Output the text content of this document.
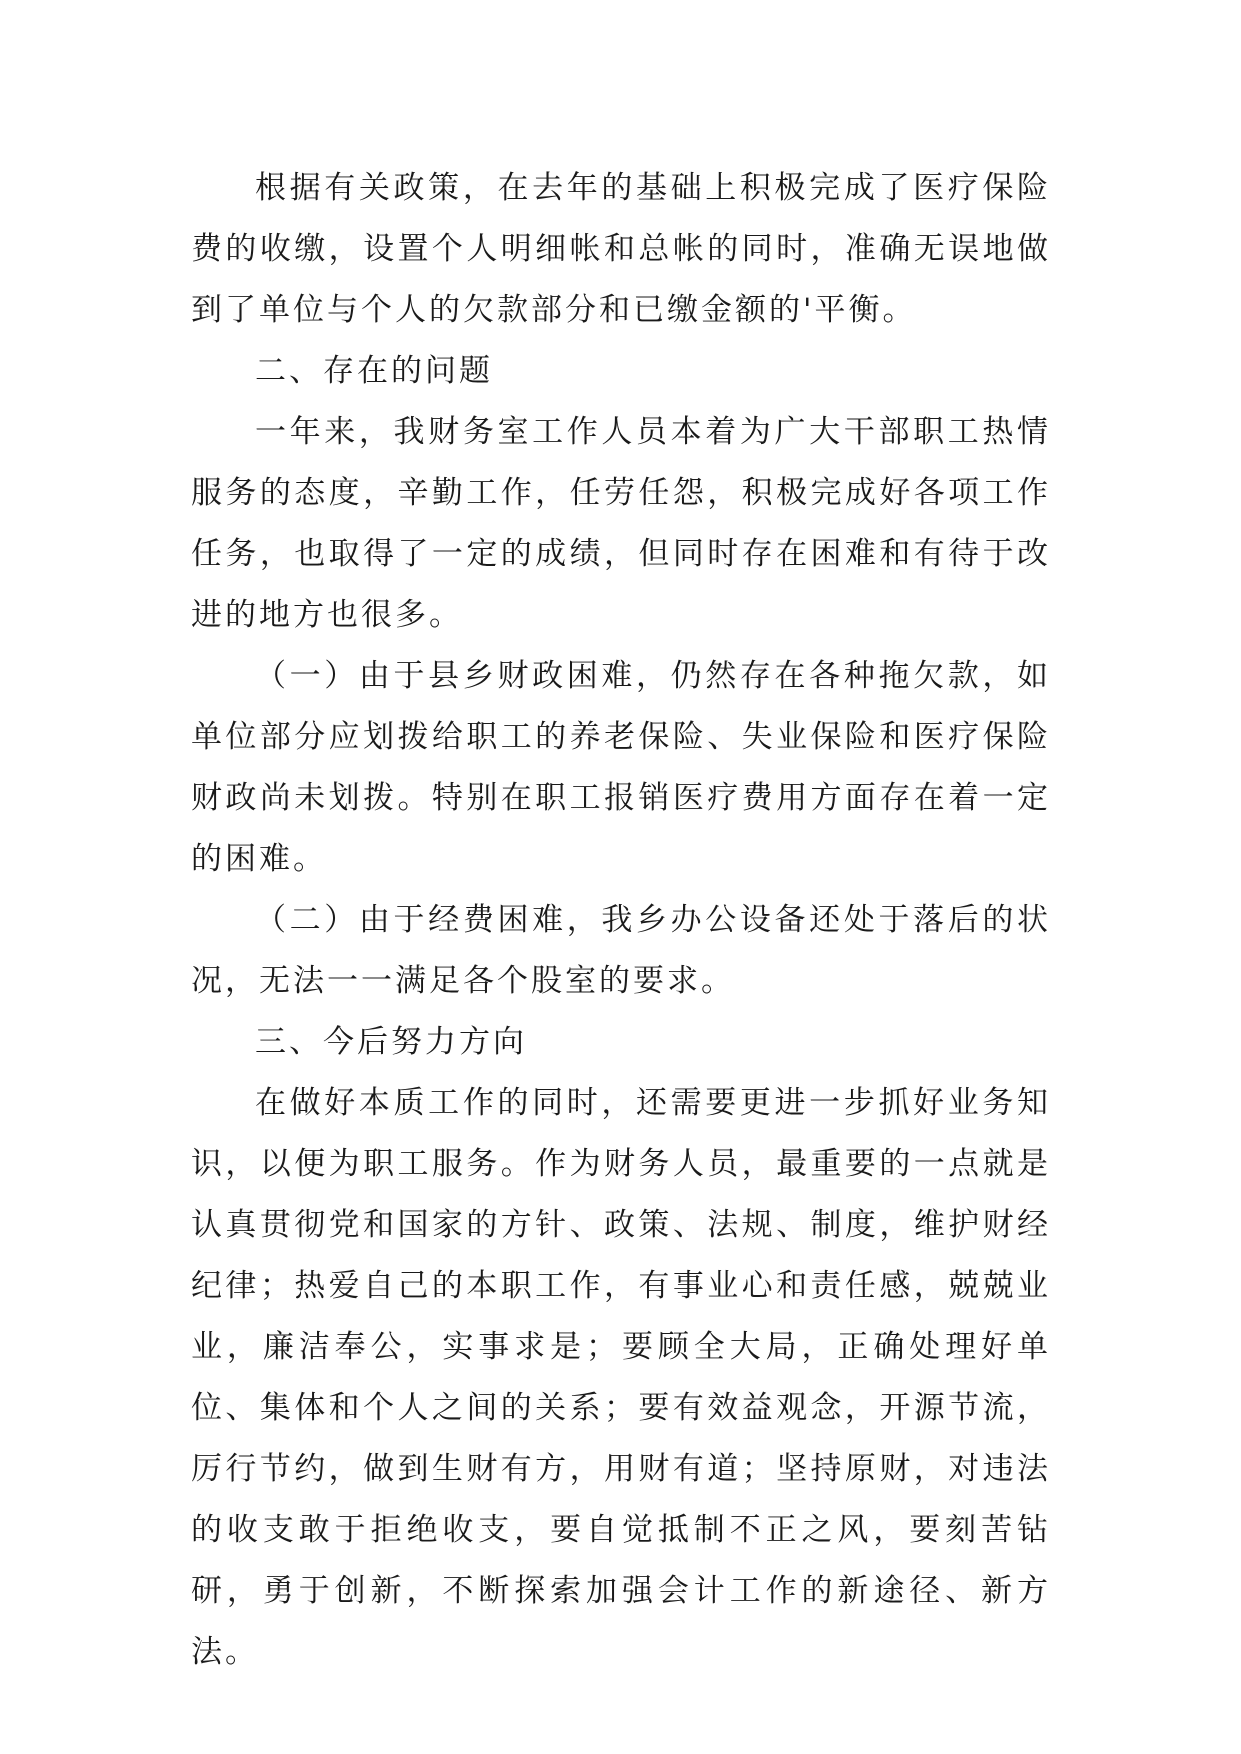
根据有关政策，在去年的基础上积极完成了医疗保险费的收缴，设置个人明细帐和总帐的同时，准确无误地做到了单位与个人的欠款部分和已缴金额的'平衡。

二、存在的问题

一年来，我财务室工作人员本着为广大干部职工热情服务的态度，辛勤工作，任劳任怨，积极完成好各项工作任务，也取得了一定的成绩，但同时存在困难和有待于改进的地方也很多。

（一）由于县乡财政困难，仍然存在各种拖欠款，如单位部分应划拨给职工的养老保险、失业保险和医疗保险财政尚未划拨。特别在职工报销医疗费用方面存在着一定的困难。

（二）由于经费困难，我乡办公设备还处于落后的状况，无法一一满足各个股室的要求。

三、今后努力方向

在做好本质工作的同时，还需要更进一步抓好业务知识，以便为职工服务。作为财务人员，最重要的一点就是认真贯彻党和国家的方针、政策、法规、制度，维护财经纪律；热爱自己的本职工作，有事业心和责任感，兢兢业业，廉洁奉公，实事求是；要顾全大局，正确处理好单位、集体和个人之间的关系；要有效益观念，开源节流，厉行节约，做到生财有方，用财有道；坚持原财，对违法的收支敢于拒绝收支，要自觉抵制不正之风，要刻苦钻研，勇于创新，不断探索加强会计工作的新途径、新方法。
